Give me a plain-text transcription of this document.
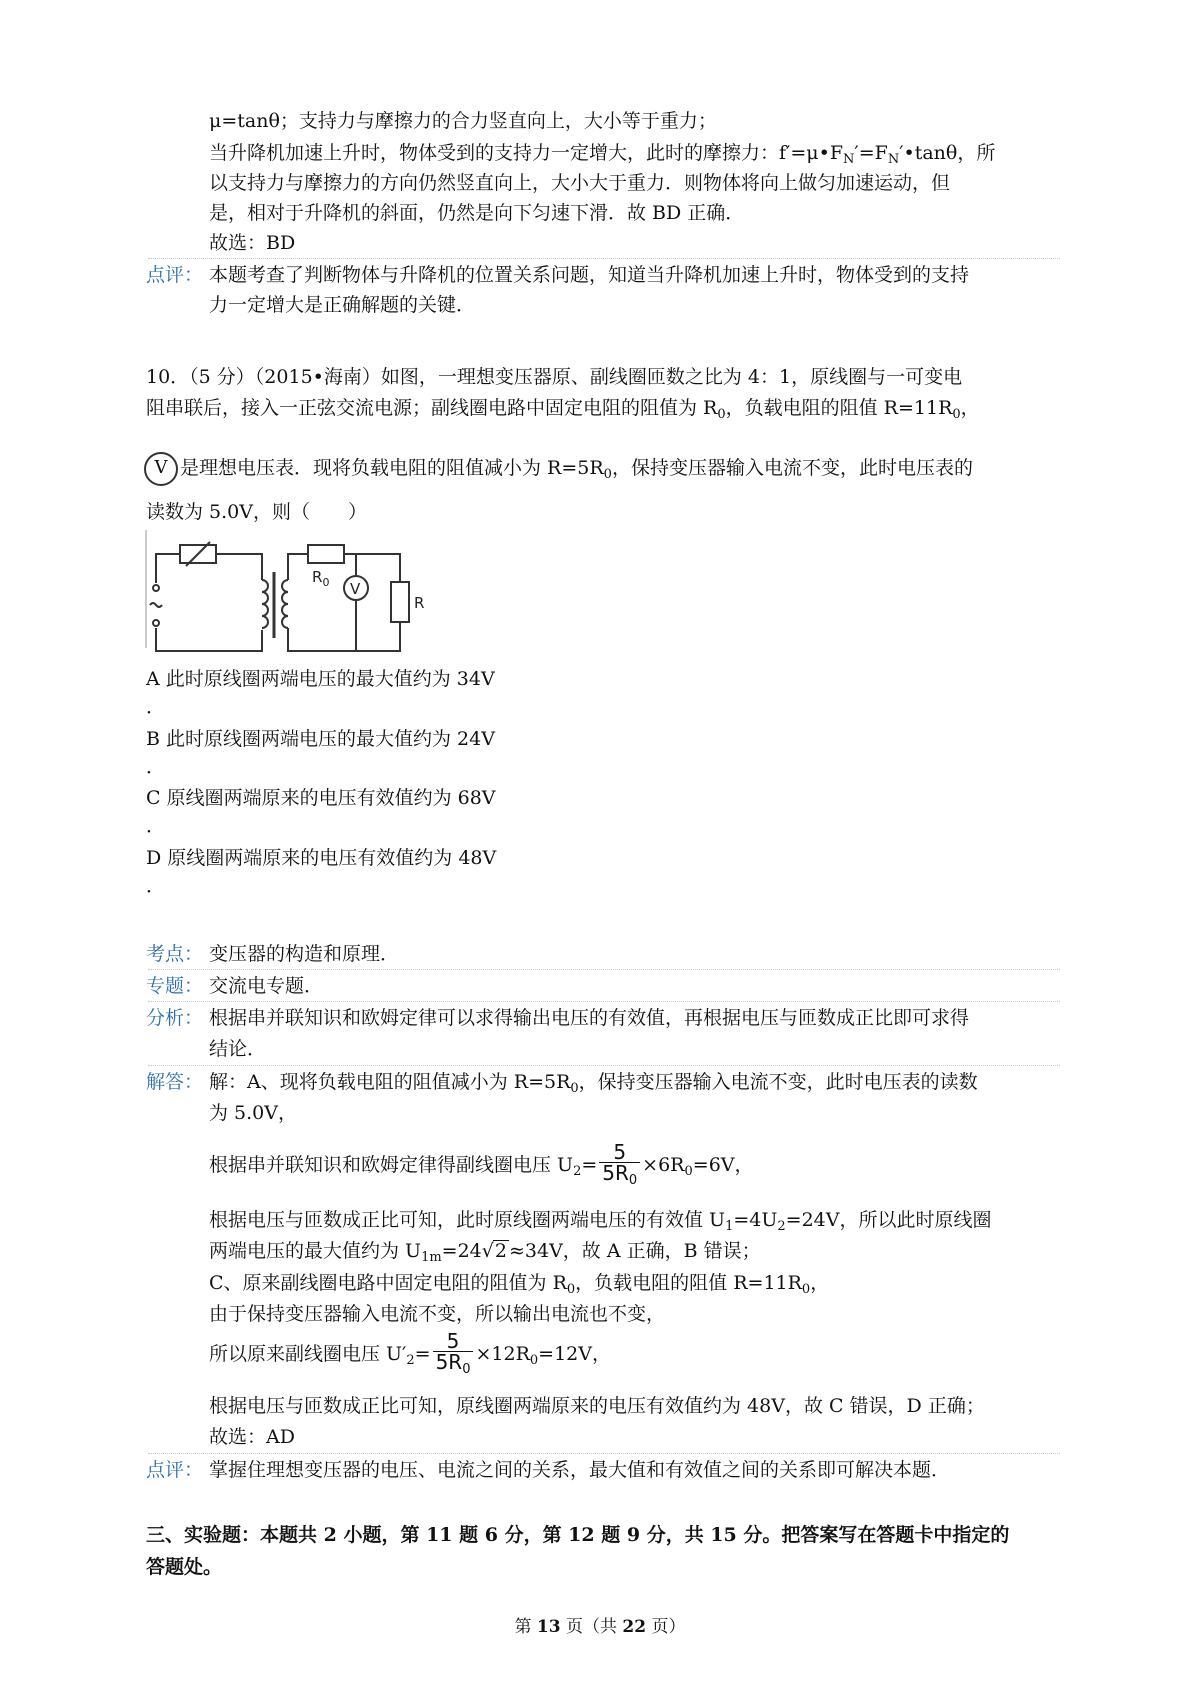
μ=tanθ；支持力与摩擦力的合力竖直向上，大小等于重力；
当升降机加速上升时，物体受到的支持力一定增大，此时的摩擦力：$f'=\mu•F_N'=F_N'•\tan\theta$，所
以支持力与摩擦力的方向仍然竖直向上，大小大于重力．则物体将向上做匀加速运动，但
是，相对于升降机的斜面，仍然是向下匀速下滑．故 BD 正确．
故选：BD
点评： 本题考查了判断物体与升降机的位置关系问题，知道当升降机加速上升时，物体受到的支持
力一定增大是正确解题的关键．
10．（5 分）（2015•海南）如图，一理想变压器原、副线圈匝数之比为 4：1，原线圈与一可变电
阻串联后，接入一正弦交流电源；副线圈电路中固定电阻的阻值为 $R_0$，负载电阻的阻值 $R=11R_0$，
V 是理想电压表．现将负载电阻的阻值减小为 $R=5R_0$，保持变压器输入电流不变，此时电压表的
读数为 5.0V，则（　　）
$R_0$ V
R
A 此时原线圈两端电压的最大值约为 34V
．
B 此时原线圈两端电压的最大值约为 24V
．
C 原线圈两端原来的电压有效值约为 68V
．
D 原线圈两端原来的电压有效值约为 48V
．
考点： 变压器的构造和原理．
专题： 交流电专题．
分析： 根据串并联知识和欧姆定律可以求得输出电压的有效值，再根据电压与匝数成正比即可求得
结论．
解答： 解：A、现将负载电阻的阻值减小为 $R=5R_0$，保持变压器输入电流不变，此时电压表的读数
为 5.0V，
根据串并联知识和欧姆定律得副线圈电压 $U_2= \frac{5}{5R_0} \times 6R_0=6V$，
根据电压与匝数成正比可知，此时原线圈两端电压的有效值 $U_1=4U_2=24V$，所以此时原线圈
两端电压的最大值约为 $U_{1m}=24√2 \approx 34V$，故 A 正确，B 错误；
C、原来副线圈电路中固定电阻的阻值为 $R_0$，负载电阻的阻值 $R=11R_0$，
由于保持变压器输入电流不变，所以输出电流也不变，
所以原来副线圈电压 $U'_2= \frac{5}{5R_0} \times 12R_0=12V$，
根据电压与匝数成正比可知，原线圈两端原来的电压有效值约为 48V，故 C 错误，D 正确；
故选：AD
点评： 掌握住理想变压器的电压、电流之间的关系，最大值和有效值之间的关系即可解决本题．
三、实验题：本题共 2 小题，第 11 题 6 分，第 12 题 9 分，共 15 分。把答案写在答题卡中指定的
答题处。
第 13 页（共 22 页）
